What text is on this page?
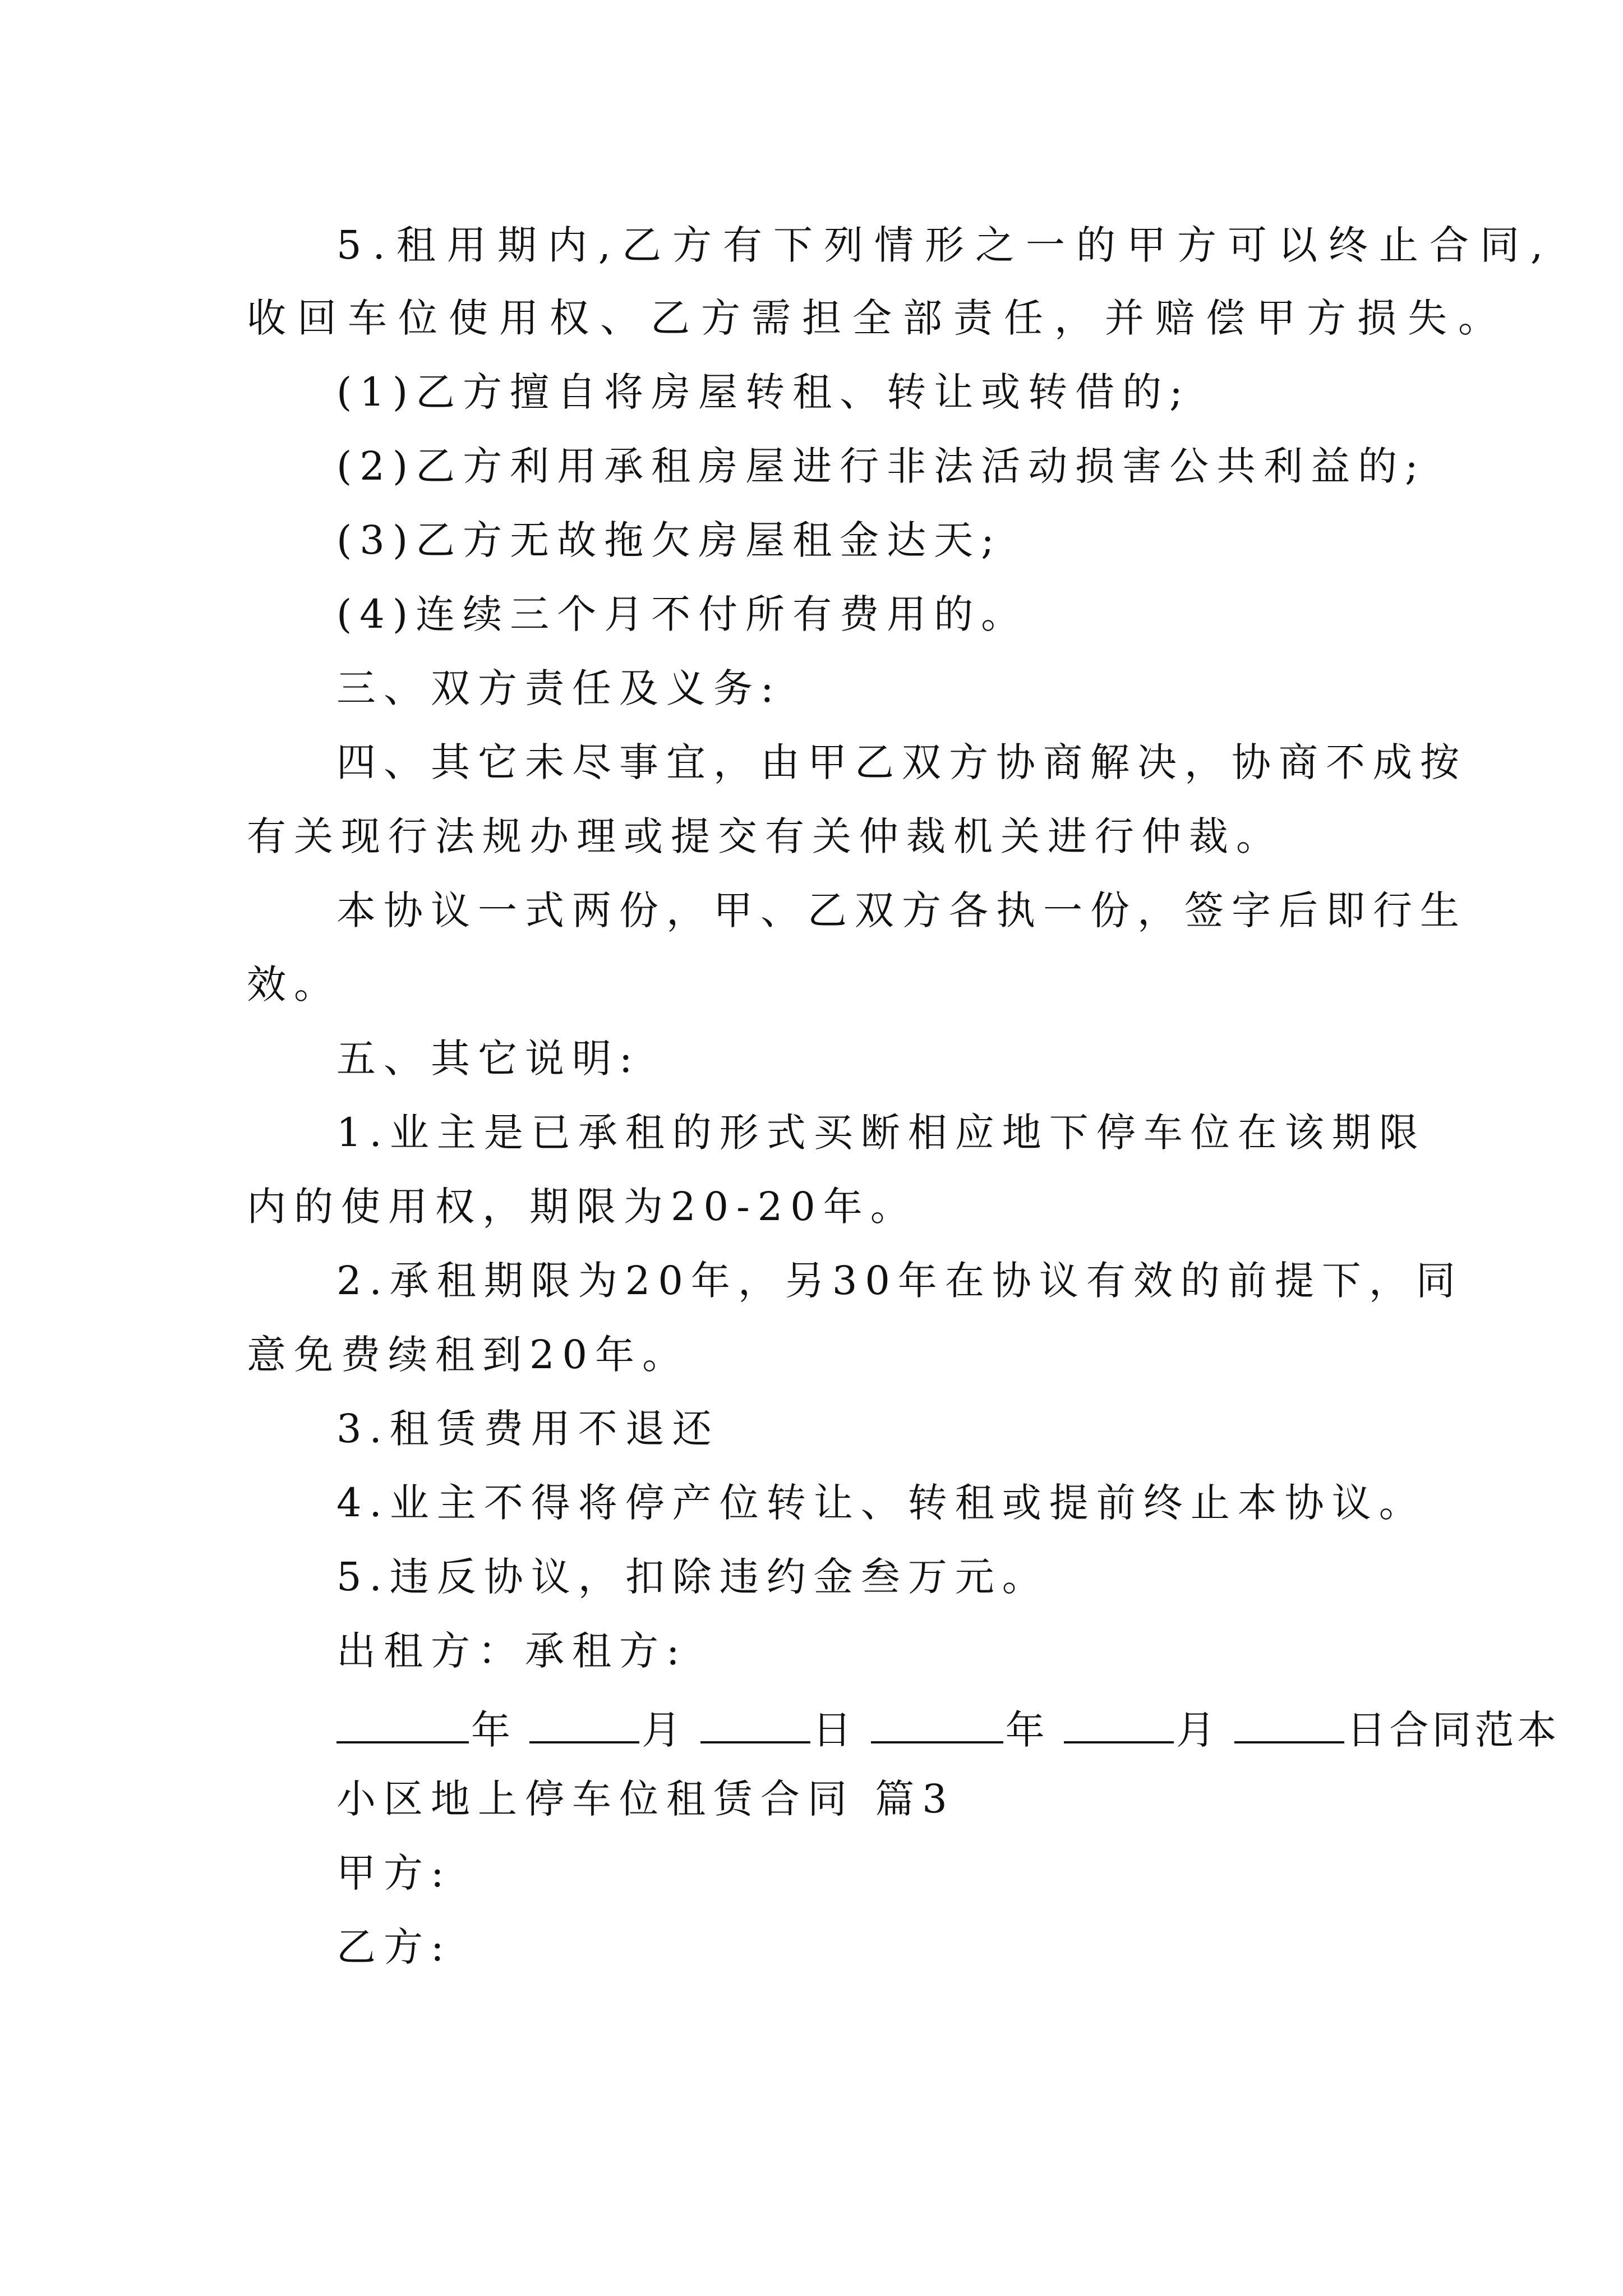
5.租用期内,乙方有下列情形之一的甲方可以终止合同,
收回车位使用权、乙方需担全部责任，并赔偿甲方损失。
(1)乙方擅自将房屋转租、转让或转借的;
(2)乙方利用承租房屋进行非法活动损害公共利益的;
(3)乙方无故拖欠房屋租金达天;
(4)连续三个月不付所有费用的。
三、双方责任及义务:
四、其它未尽事宜，由甲乙双方协商解决，协商不成按
有关现行法规办理或提交有关仲裁机关进行仲裁。
本协议一式两份，甲、乙双方各执一份，签字后即行生
效。
五、其它说明:
1.业主是已承租的形式买断相应地下停车位在该期限
内的使用权，期限为20-20年。
2.承租期限为20年，另30年在协议有效的前提下，同
意免费续租到20年。
3.租赁费用不退还
4.业主不得将停产位转让、转租或提前终止本协议。
5.违反协议，扣除违约金叁万元。
出租方：承租方:
年	月	日	年	月	日合同范本
小区地上停车位租赁合同 篇3
甲方:
乙方:
